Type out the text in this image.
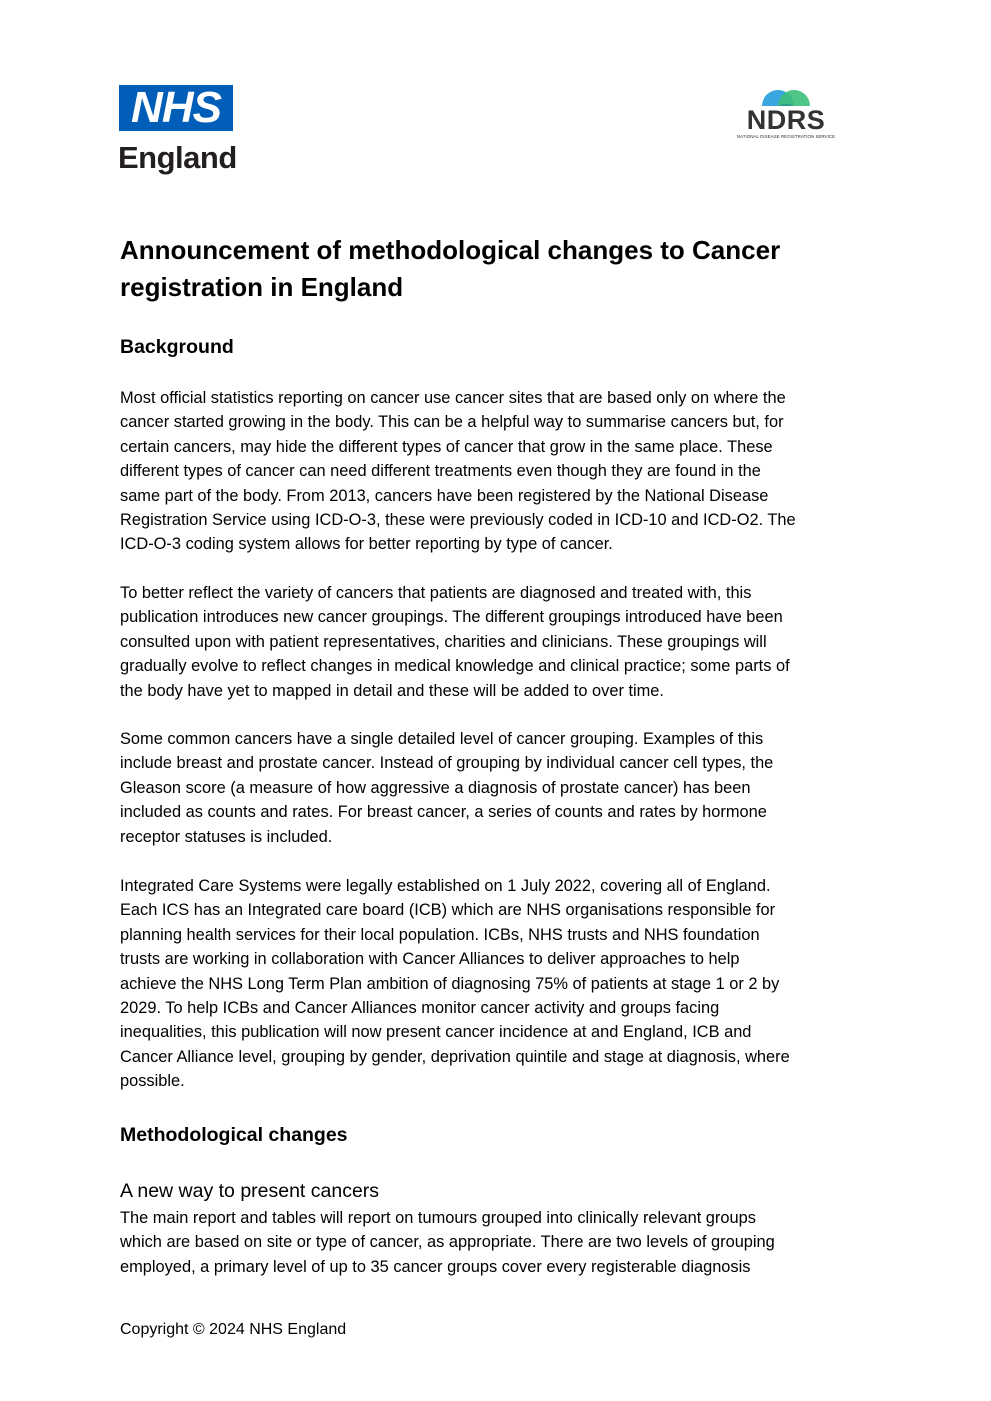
NHS
England
NDRS
NATIONAL DISEASE REGISTRATION SERVICE
Announcement of methodological changes to Cancer
registration in England
Background
Most official statistics reporting on cancer use cancer sites that are based only on where the
cancer started growing in the body. This can be a helpful way to summarise cancers but, for
certain cancers, may hide the different types of cancer that grow in the same place. These
different types of cancer can need different treatments even though they are found in the
same part of the body. From 2013, cancers have been registered by the National Disease
Registration Service using ICD-O-3, these were previously coded in ICD-10 and ICD-O2. The
ICD-O-3 coding system allows for better reporting by type of cancer.
To better reflect the variety of cancers that patients are diagnosed and treated with, this
publication introduces new cancer groupings. The different groupings introduced have been
consulted upon with patient representatives, charities and clinicians. These groupings will
gradually evolve to reflect changes in medical knowledge and clinical practice; some parts of
the body have yet to mapped in detail and these will be added to over time.
Some common cancers have a single detailed level of cancer grouping. Examples of this
include breast and prostate cancer. Instead of grouping by individual cancer cell types, the
Gleason score (a measure of how aggressive a diagnosis of prostate cancer) has been
included as counts and rates. For breast cancer, a series of counts and rates by hormone
receptor statuses is included.
Integrated Care Systems were legally established on 1 July 2022, covering all of England.
Each ICS has an Integrated care board (ICB) which are NHS organisations responsible for
planning health services for their local population. ICBs, NHS trusts and NHS foundation
trusts are working in collaboration with Cancer Alliances to deliver approaches to help
achieve the NHS Long Term Plan ambition of diagnosing 75% of patients at stage 1 or 2 by
2029. To help ICBs and Cancer Alliances monitor cancer activity and groups facing
inequalities, this publication will now present cancer incidence at and England, ICB and
Cancer Alliance level, grouping by gender, deprivation quintile and stage at diagnosis, where
possible.
Methodological changes
A new way to present cancers
The main report and tables will report on tumours grouped into clinically relevant groups
which are based on site or type of cancer, as appropriate. There are two levels of grouping
employed, a primary level of up to 35 cancer groups cover every registerable diagnosis
Copyright © 2024 NHS England
